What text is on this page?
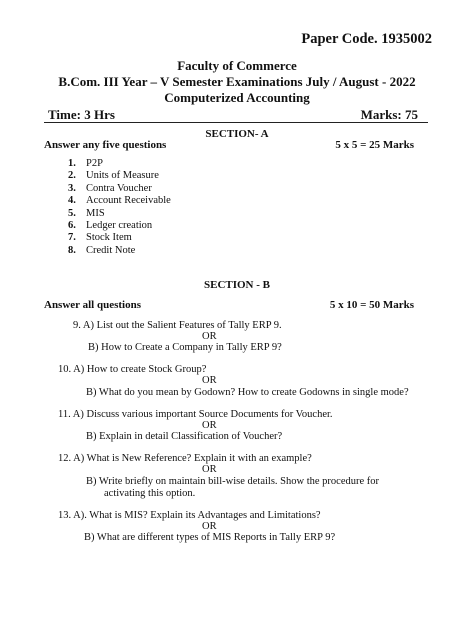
Paper Code. 1935002
Faculty of Commerce
B.Com. III Year – V Semester Examinations July / August - 2022
Computerized Accounting
Time: 3 Hrs	Marks: 75
SECTION- A
Answer any five questions	5 x 5 = 25 Marks
1. P2P
2. Units of Measure
3. Contra Voucher
4. Account Receivable
5. MIS
6. Ledger creation
7. Stock Item
8. Credit Note
SECTION - B
Answer all questions	5 x 10 = 50 Marks
9. A) List out the Salient Features of Tally ERP 9.
OR
B) How to Create a Company in Tally ERP 9?
10. A) How to create Stock Group?
OR
B) What do you mean by Godown? How to create Godowns in single mode?
11. A) Discuss various important Source Documents for Voucher.
OR
B) Explain in detail Classification of Voucher?
12. A) What is New Reference? Explain it with an example?
OR
B) Write briefly on maintain bill-wise details. Show the procedure for
activating this option.
13. A). What is MIS? Explain its Advantages and Limitations?
OR
B) What are different types of MIS Reports in Tally ERP 9?
